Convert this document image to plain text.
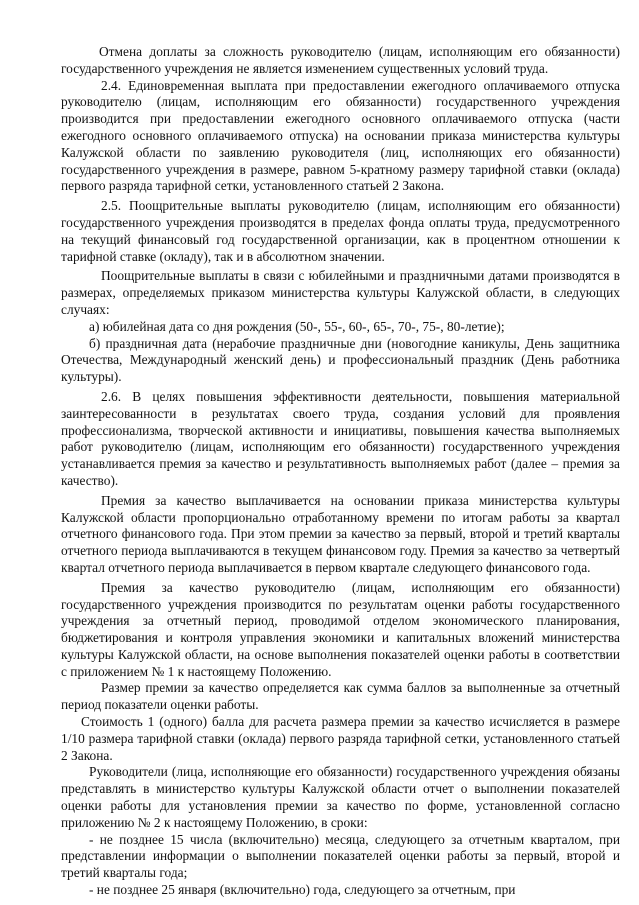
Отмена доплаты за сложность руководителю (лицам, исполняющим его обязанности) государственного учреждения не является изменением существенных условий труда.

2.4. Единовременная выплата при предоставлении ежегодного оплачиваемого отпуска руководителю (лицам, исполняющим его обязанности) государственного учреждения производится при предоставлении ежегодного основного оплачиваемого отпуска (части ежегодного основного оплачиваемого отпуска) на основании приказа министерства культуры Калужской области по заявлению руководителя (лиц, исполняющих его обязанности) государственного учреждения в размере, равном 5-кратному размеру тарифной ставки (оклада) первого разряда тарифной сетки, установленного статьей 2 Закона.

2.5. Поощрительные выплаты руководителю (лицам, исполняющим его обязанности) государственного учреждения производятся в пределах фонда оплаты труда, предусмотренного на текущий финансовый год государственной организации, как в процентном отношении к тарифной ставке (окладу), так и в абсолютном значении.

Поощрительные выплаты в связи с юбилейными и праздничными датами производятся в размерах, определяемых приказом министерства культуры Калужской области, в следующих случаях:

а) юбилейная дата со дня рождения (50-, 55-, 60-, 65-, 70-, 75-, 80-летие);

б) праздничная дата (нерабочие праздничные дни (новогодние каникулы, День защитника Отечества, Международный женский день) и профессиональный праздник (День работника культуры).

2.6. В целях повышения эффективности деятельности, повышения материальной заинтересованности в результатах своего труда, создания условий для проявления профессионализма, творческой активности и инициативы, повышения качества выполняемых работ руководителю (лицам, исполняющим его обязанности) государственного учреждения устанавливается премия за качество и результативность выполняемых работ (далее – премия за качество).

Премия за качество выплачивается на основании приказа министерства культуры Калужской области пропорционально отработанному времени по итогам работы за квартал отчетного финансового года. При этом премии за качество за первый, второй и третий кварталы отчетного периода выплачиваются в текущем финансовом году. Премия за качество за четвертый квартал отчетного периода выплачивается в первом квартале следующего финансового года.

Премия за качество руководителю (лицам, исполняющим его обязанности) государственного учреждения производится по результатам оценки работы государственного учреждения за отчетный период, проводимой отделом экономического планирования, бюджетирования и контроля управления экономики и капитальных вложений министерства культуры Калужской области, на основе выполнения показателей оценки работы в соответствии с приложением № 1 к настоящему Положению.

Размер премии за качество определяется как сумма баллов за выполненные за отчетный период показатели оценки работы.

Стоимость 1 (одного) балла для расчета размера премии за качество исчисляется в размере 1/10 размера тарифной ставки (оклада) первого разряда тарифной сетки, установленного статьей 2 Закона.

Руководители (лица, исполняющие его обязанности) государственного учреждения обязаны представлять в министерство культуры Калужской области отчет о выполнении показателей оценки работы для установления премии за качество по форме, установленной согласно приложению № 2 к настоящему Положению, в сроки:

- не позднее 15 числа (включительно) месяца, следующего за отчетным кварталом, при представлении информации о выполнении показателей оценки работы за первый, второй и третий кварталы года;

- не позднее 25 января (включительно) года, следующего за отчетным, при
